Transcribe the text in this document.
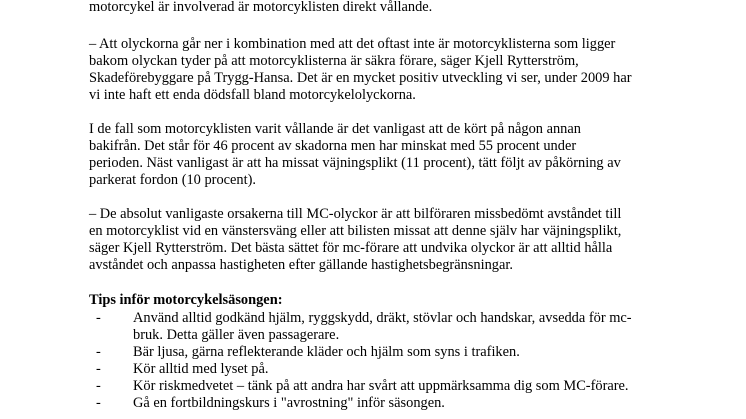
motorcykel är involverad är motorcyklisten direkt vållande.
– Att olyckorna går ner i kombination med att det oftast inte är motorcyklisterna som ligger
bakom olyckan tyder på att motorcyklisterna är säkra förare, säger Kjell Rytterström,
Skadeförebyggare på Trygg-Hansa. Det är en mycket positiv utveckling vi ser, under 2009 har
vi inte haft ett enda dödsfall bland motorcykelolyckorna.
I de fall som motorcyklisten varit vållande är det vanligast att de kört på någon annan
bakifrån. Det står för 46 procent av skadorna men har minskat med 55 procent under
perioden. Näst vanligast är att ha missat väjningsplikt (11 procent), tätt följt av påkörning av
parkerat fordon (10 procent).
– De absolut vanligaste orsakerna till MC-olyckor är att bilföraren missbedömt avståndet till
en motorcyklist vid en vänstersväng eller att bilisten missat att denne själv har väjningsplikt,
säger Kjell Rytterström. Det bästa sättet för mc-förare att undvika olyckor är att alltid hålla
avståndet och anpassa hastigheten efter gällande hastighetsbegränsningar.
Tips inför motorcykelsäsongen:
- Använd alltid godkänd hjälm, ryggskydd, dräkt, stövlar och handskar, avsedda för mc-
bruk. Detta gäller även passagerare.
- Bär ljusa, gärna reflekterande kläder och hjälm som syns i trafiken.
- Kör alltid med lyset på.
- Kör riskmedvetet – tänk på att andra har svårt att uppmärksamma dig som MC-förare.
- Gå en fortbildningskurs i "avrostning" inför säsongen.
